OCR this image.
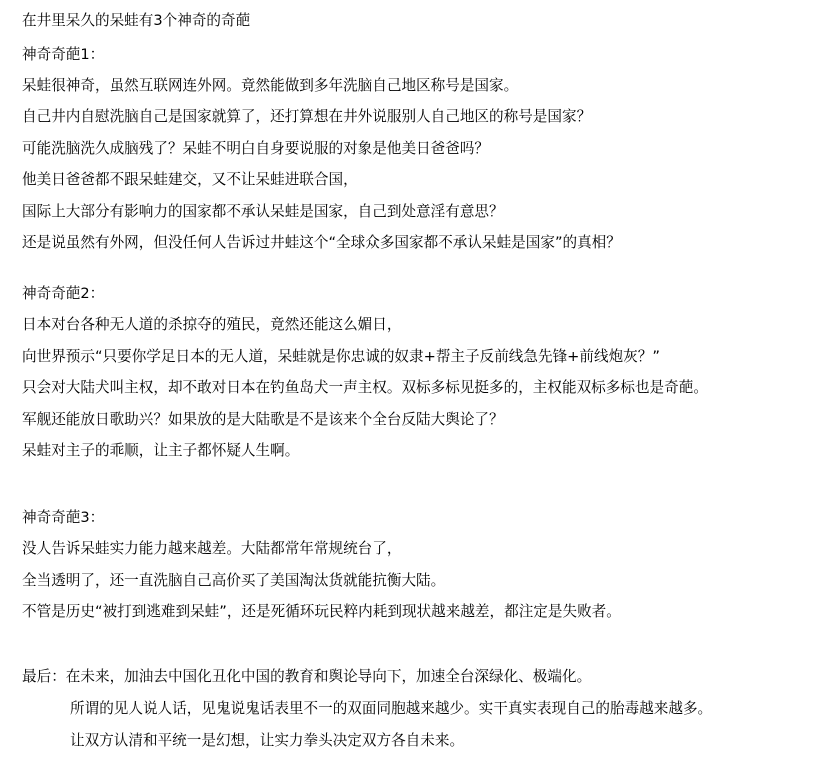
在井里呆久的呆蛙有3个神奇的奇葩
神奇奇葩1：
呆蛙很神奇，虽然互联网连外网。竟然能做到多年洗脑自己地区称号是国家。
自己井内自慰洗脑自己是国家就算了，还打算想在井外说服别人自己地区的称号是国家？
可能洗脑洗久成脑残了？呆蛙不明白自身要说服的对象是他美日爸爸吗？
他美日爸爸都不跟呆蛙建交，又不让呆蛙进联合国，
国际上大部分有影响力的国家都不承认呆蛙是国家，自己到处意淫有意思？
还是说虽然有外网，但没任何人告诉过井蛙这个“全球众多国家都不承认呆蛙是国家”的真相？
神奇奇葩2：
日本对台各种无人道的杀掠夺的殖民，竟然还能这么媚日，
向世界预示“只要你学足日本的无人道，呆蛙就是你忠诚的奴隶+帮主子反前线急先锋+前线炮灰？”
只会对大陆犬叫主权，却不敢对日本在钓鱼岛犬一声主权。双标多标见挺多的，主权能双标多标也是奇葩。
军舰还能放日歌助兴？如果放的是大陆歌是不是该来个全台反陆大舆论了？
呆蛙对主子的乖顺，让主子都怀疑人生啊。
神奇奇葩3：
没人告诉呆蛙实力能力越来越差。大陆都常年常规统台了，
全当透明了，还一直洗脑自己高价买了美国淘汰货就能抗衡大陆。
不管是历史“被打到逃难到呆蛙”，还是死循环玩民粹内耗到现状越来越差，都注定是失败者。
最后：在未来，加油去中国化丑化中国的教育和舆论导向下，加速全台深绿化、极端化。
所谓的见人说人话，见鬼说鬼话表里不一的双面同胞越来越少。实干真实表现自己的胎毒越来越多。
让双方认清和平统一是幻想，让实力拳头决定双方各自未来。
